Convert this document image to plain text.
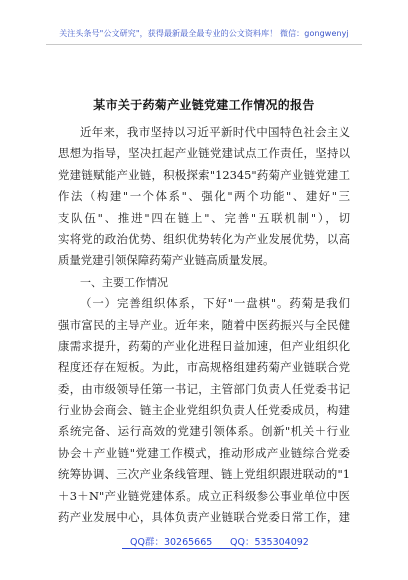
关注头条号"公文研究"，获得最新最全最专业的公文资料库！ 微信：gongwenyj
某市关于药菊产业链党建工作情况的报告
近年来，我市坚持以习近平新时代中国特色社会主义
思想为指导，坚决扛起产业链党建试点工作责任，坚持以
党建链赋能产业链，积极探索"12345"药菊产业链党建工
作法（构建"一个体系"、强化"两个功能"、建好"三
支队伍"、推进"四在链上"、完善"五联机制"），切
实将党的政治优势、组织优势转化为产业发展优势，以高
质量党建引领保障药菊产业链高质量发展。
一、主要工作情况
（一）完善组织体系，下好"一盘棋"。药菊是我们
强市富民的主导产业。近年来，随着中医药振兴与全民健
康需求提升，药菊的产业化进程日益加速，但产业组织化
程度还存在短板。为此，市高规格组建药菊产业链联合党
委，由市级领导任第一书记，主管部门负责人任党委书记
行业协会商会、链主企业党组织负责人任党委成员，构建
系统完备、运行高效的党建引领体系。创新"机关＋行业
协会＋产业链"党建工作模式，推动形成产业链综合党委
统筹协调、三次产业条线管理、链上党组织跟进联动的"1
＋3＋N"产业链党建体系。成立正科级参公事业单位中医
药产业发展中心，具体负责产业链联合党委日常工作，建
QQ群：30265665 QQ：535304092
